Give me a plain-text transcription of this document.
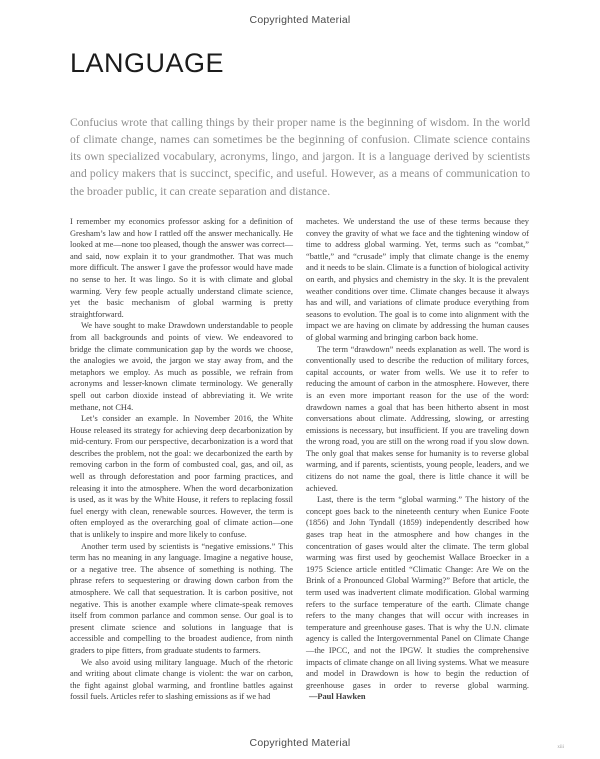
Copyrighted Material
LANGUAGE
Confucius wrote that calling things by their proper name is the beginning of wisdom. In the world of climate change, names can sometimes be the beginning of confusion. Climate science contains its own specialized vocabulary, acronyms, lingo, and jargon. It is a language derived by scientists and policy makers that is succinct, specific, and useful. However, as a means of communication to the broader public, it can create separation and distance.

I remember my economics professor asking for a definition of Gresham’s law and how I rattled off the answer mechanically. He looked at me—none too pleased, though the answer was correct—and said, now explain it to your grandmother. That was much more difficult. The answer I gave the professor would have made no sense to her. It was lingo. So it is with climate and global warming. Very few people actually understand climate science, yet the basic mechanism of global warming is pretty straightforward.

We have sought to make Drawdown understandable to people from all backgrounds and points of view. We endeavored to bridge the climate communication gap by the words we choose, the analogies we avoid, the jargon we stay away from, and the metaphors we employ. As much as possible, we refrain from acronyms and lesser-known climate terminology. We generally spell out carbon dioxide instead of abbreviating it. We write methane, not CH4.

Let’s consider an example. In November 2016, the White House released its strategy for achieving deep decarbonization by mid-century. From our perspective, decarbonization is a word that describes the problem, not the goal: we decarbonized the earth by removing carbon in the form of combusted coal, gas, and oil, as well as through deforestation and poor farming practices, and releasing it into the atmosphere. When the word decarbonization is used, as it was by the White House, it refers to replacing fossil fuel energy with clean, renewable sources. However, the term is often employed as the overarching goal of climate action—one that is unlikely to inspire and more likely to confuse.

Another term used by scientists is “negative emissions.” This term has no meaning in any language. Imagine a negative house, or a negative tree. The absence of something is nothing. The phrase refers to sequestering or drawing down carbon from the atmosphere. We call that sequestration. It is carbon positive, not negative. This is another example where climate-speak removes itself from common parlance and common sense. Our goal is to present climate science and solutions in language that is accessible and compelling to the broadest audience, from ninth graders to pipe fitters, from graduate students to farmers.

We also avoid using military language. Much of the rhetoric and writing about climate change is violent: the war on carbon, the fight against global warming, and frontline battles against fossil fuels. Articles refer to slashing emissions as if we had

machetes. We understand the use of these terms because they convey the gravity of what we face and the tightening window of time to address global warming. Yet, terms such as “combat,” “battle,” and “crusade” imply that climate change is the enemy and it needs to be slain. Climate is a function of biological activity on earth, and physics and chemistry in the sky. It is the prevalent weather conditions over time. Climate changes because it always has and will, and variations of climate produce everything from seasons to evolution. The goal is to come into alignment with the impact we are having on climate by addressing the human causes of global warming and bringing carbon back home.

The term “drawdown” needs explanation as well. The word is conventionally used to describe the reduction of military forces, capital accounts, or water from wells. We use it to refer to reducing the amount of carbon in the atmosphere. However, there is an even more important reason for the use of the word: drawdown names a goal that has been hitherto absent in most conversations about climate. Addressing, slowing, or arresting emissions is necessary, but insufficient. If you are traveling down the wrong road, you are still on the wrong road if you slow down. The only goal that makes sense for humanity is to reverse global warming, and if parents, scientists, young people, leaders, and we citizens do not name the goal, there is little chance it will be achieved.

Last, there is the term “global warming.” The history of the concept goes back to the nineteenth century when Eunice Foote (1856) and John Tyndall (1859) independently described how gases trap heat in the atmosphere and how changes in the concentration of gases would alter the climate. The term global warming was first used by geochemist Wallace Broecker in a 1975 Science article entitled “Climatic Change: Are We on the Brink of a Pronounced Global Warming?” Before that article, the term used was inadvertent climate modification. Global warming refers to the surface temperature of the earth. Climate change refers to the many changes that will occur with increases in temperature and greenhouse gases. That is why the U.N. climate agency is called the Intergovernmental Panel on Climate Change—the IPCC, and not the IPGW. It studies the comprehensive impacts of climate change on all living systems. What we measure and model in Drawdown is how to begin the reduction of greenhouse gases in order to reverse global warming.—Paul Hawken

Copyrighted Material	xiii
